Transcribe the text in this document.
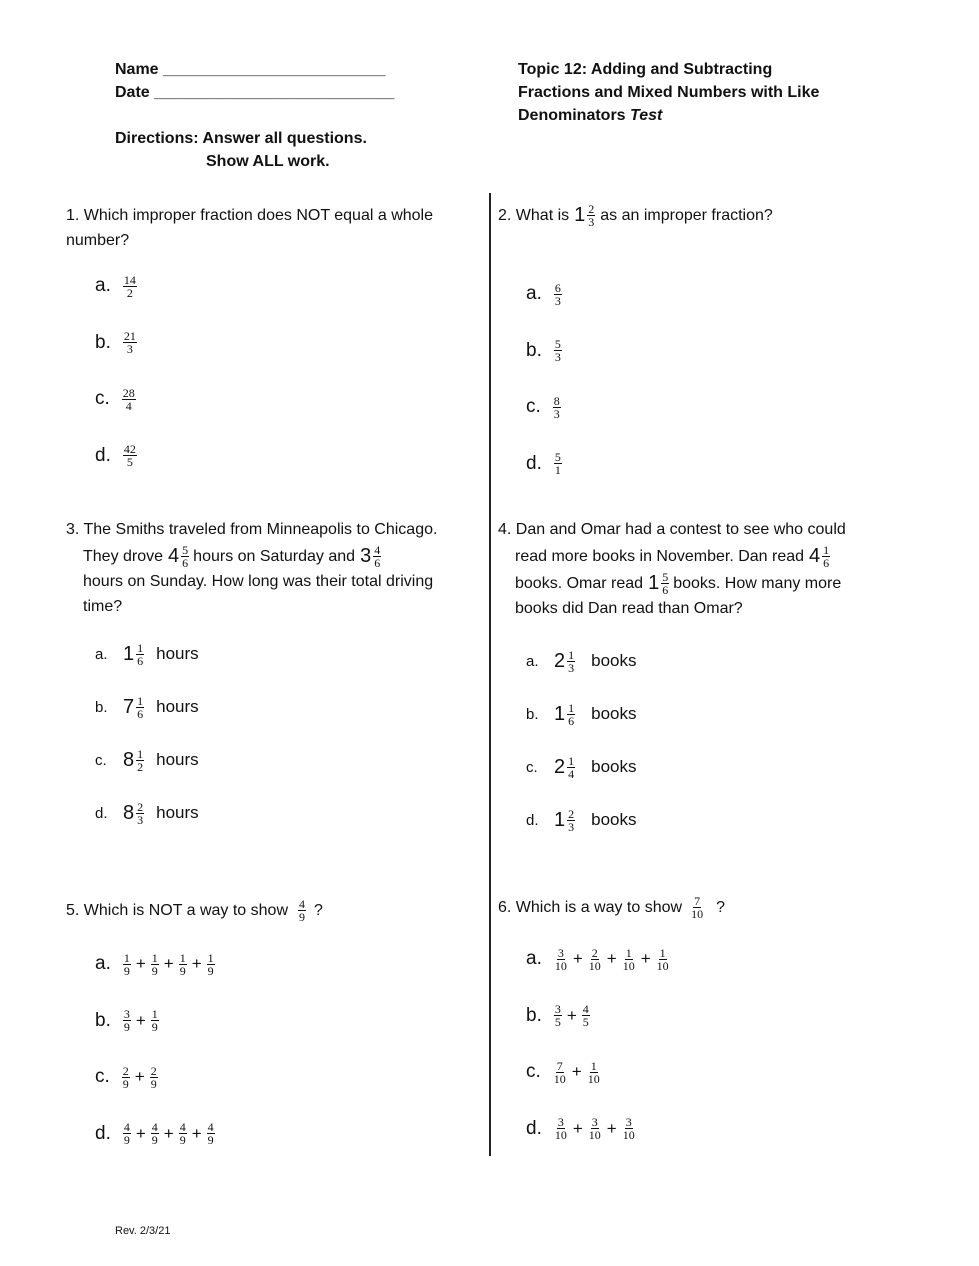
Name _________________________
Date ___________________________
Directions: Answer all questions.
Show ALL work.
Topic 12: Adding and Subtracting
Fractions and Mixed Numbers with Like
Denominators Test
1. Which improper fraction does NOT equal a whole
number?
a. $\frac{14}{2}$
b. $\frac{21}{3}$
c. $\frac{28}{4}$
d. $\frac{42}{5}$
2. What is $1 \frac{2}{3}$ as an improper fraction?
a. $\frac{6}{3}$
b. $\frac{5}{3}$
c. $\frac{8}{3}$
d. $\frac{5}{1}$
3. The Smiths traveled from Minneapolis to Chicago.
They drove $4 \frac{5}{6}$ hours on Saturday and $3 \frac{4}{6}$
hours on Sunday. How long was their total driving
time?
a. $1 \frac{1}{6}$ hours
b. $7 \frac{1}{6}$ hours
c. $8 \frac{1}{2}$ hours
d. $8 \frac{2}{3}$ hours
4. Dan and Omar had a contest to see who could
read more books in November. Dan read $4 \frac{1}{6}$
books. Omar read $1 \frac{5}{6}$ books. How many more
books did Dan read than Omar?
a. $2 \frac{1}{3}$ books
b. $1 \frac{1}{6}$ books
c. $2 \frac{1}{4}$ books
d. $1 \frac{2}{3}$ books
5. Which is NOT a way to show $\frac{4}{9}$ ?
a. $\frac{1}{9} + \frac{1}{9} + \frac{1}{9} + \frac{1}{9}$
b. $\frac{3}{9} + \frac{1}{9}$
c. $\frac{2}{9} + \frac{2}{9}$
d. $\frac{4}{9} + \frac{4}{9} + \frac{4}{9} + \frac{4}{9}$
6. Which is a way to show $\frac{7}{10}$ ?
a. $\frac{3}{10} + \frac{2}{10} + \frac{1}{10} + \frac{1}{10}$
b. $\frac{3}{5} + \frac{4}{5}$
c. $\frac{7}{10} + \frac{1}{10}$
d. $\frac{3}{10} + \frac{3}{10} + \frac{3}{10}$
Rev. 2/3/21
